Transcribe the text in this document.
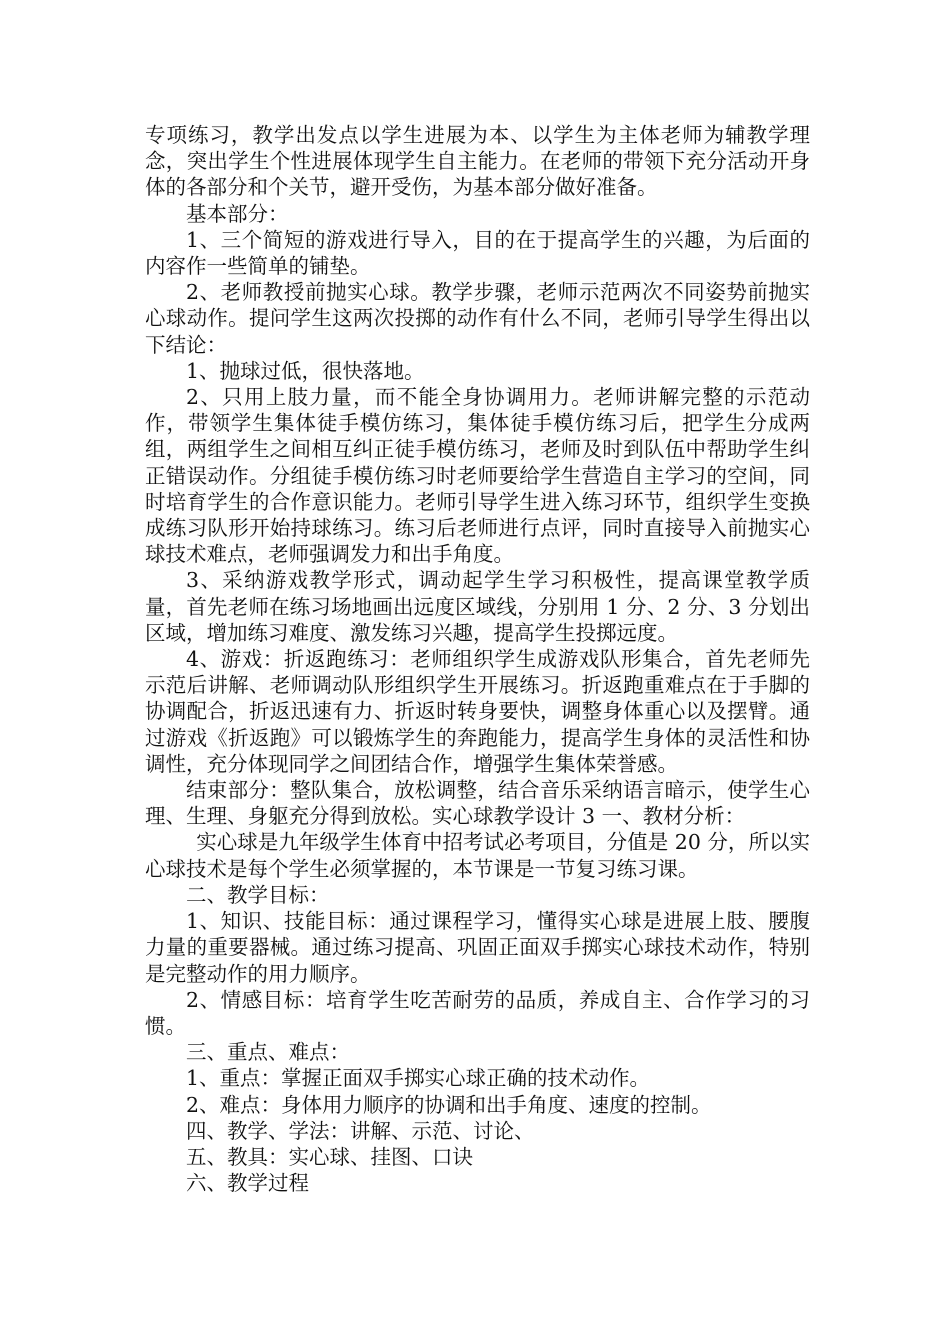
专项练习，教学出发点以学生进展为本、以学生为主体老师为辅教学理念，突出学生个性进展体现学生自主能力。在老师的带领下充分活动开身体的各部分和个关节，避开受伤，为基本部分做好准备。

基本部分：

1、三个简短的游戏进行导入，目的在于提高学生的兴趣，为后面的内容作一些简单的铺垫。

2、老师教授前抛实心球。教学步骤，老师示范两次不同姿势前抛实心球动作。提问学生这两次投掷的动作有什么不同，老师引导学生得出以下结论：

1、抛球过低，很快落地。

2、只用上肢力量，而不能全身协调用力。老师讲解完整的示范动作，带领学生集体徒手模仿练习，集体徒手模仿练习后，把学生分成两组，两组学生之间相互纠正徒手模仿练习，老师及时到队伍中帮助学生纠正错误动作。分组徒手模仿练习时老师要给学生营造自主学习的空间，同时培育学生的合作意识能力。老师引导学生进入练习环节，组织学生变换成练习队形开始持球练习。练习后老师进行点评，同时直接导入前抛实心球技术难点，老师强调发力和出手角度。

3、采纳游戏教学形式，调动起学生学习积极性，提高课堂教学质量，首先老师在练习场地画出远度区域线，分别用 1 分、2 分、3 分划出区域，增加练习难度、激发练习兴趣，提高学生投掷远度。

4、游戏：折返跑练习：老师组织学生成游戏队形集合，首先老师先示范后讲解、老师调动队形组织学生开展练习。折返跑重难点在于手脚的协调配合，折返迅速有力、折返时转身要快，调整身体重心以及摆臂。通过游戏《折返跑》可以锻炼学生的奔跑能力，提高学生身体的灵活性和协调性，充分体现同学之间团结合作，增强学生集体荣誉感。

结束部分：整队集合，放松调整，结合音乐采纳语言暗示，使学生心理、生理、身躯充分得到放松。实心球教学设计 3 一、教材分析：

实心球是九年级学生体育中招考试必考项目，分值是 20 分，所以实心球技术是每个学生必须掌握的，本节课是一节复习练习课。

二、教学目标：

1、知识、技能目标：通过课程学习，懂得实心球是进展上肢、腰腹力量的重要器械。通过练习提高、巩固正面双手掷实心球技术动作，特别是完整动作的用力顺序。

2、情感目标：培育学生吃苦耐劳的品质，养成自主、合作学习的习惯。

三、重点、难点：

1、重点：掌握正面双手掷实心球正确的技术动作。

2、难点：身体用力顺序的协调和出手角度、速度的控制。

四、教学、学法：讲解、示范、讨论、

五、教具：实心球、挂图、口诀

六、教学过程
